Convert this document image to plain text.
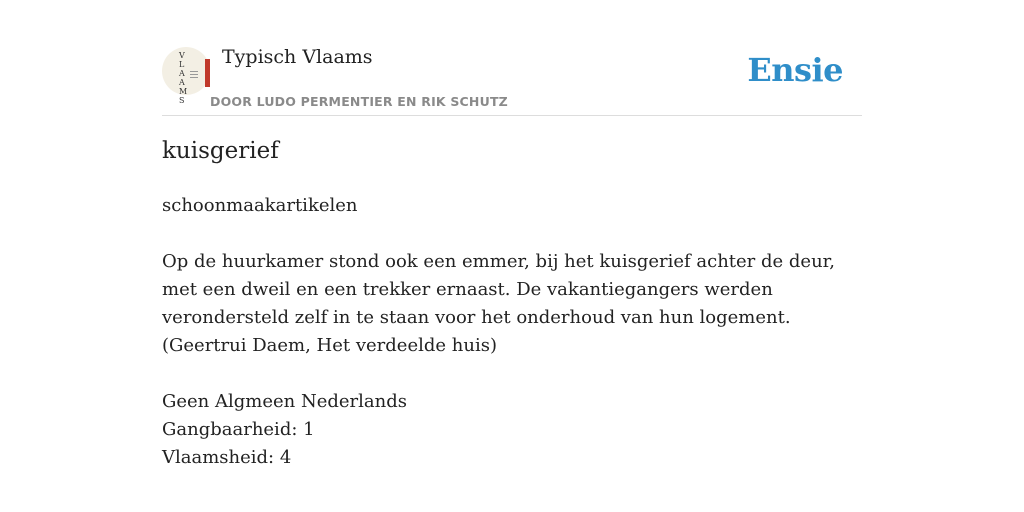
V
L
A
A
M
S
Typisch Vlaams
DOOR LUDO PERMENTIER EN RIK SCHUTZ
Ensie
kuisgerief

schoonmaakartikelen

Op de huurkamer stond ook een emmer, bij het kuisgerief achter de deur, met een dweil en een trekker ernaast. De vakantiegangers werden verondersteld zelf in te staan voor het onderhoud van hun logement.

(Geertrui Daem, Het verdeelde huis)

Geen Algmeen Nederlands

Gangbaarheid: 1

Vlaamsheid: 4
